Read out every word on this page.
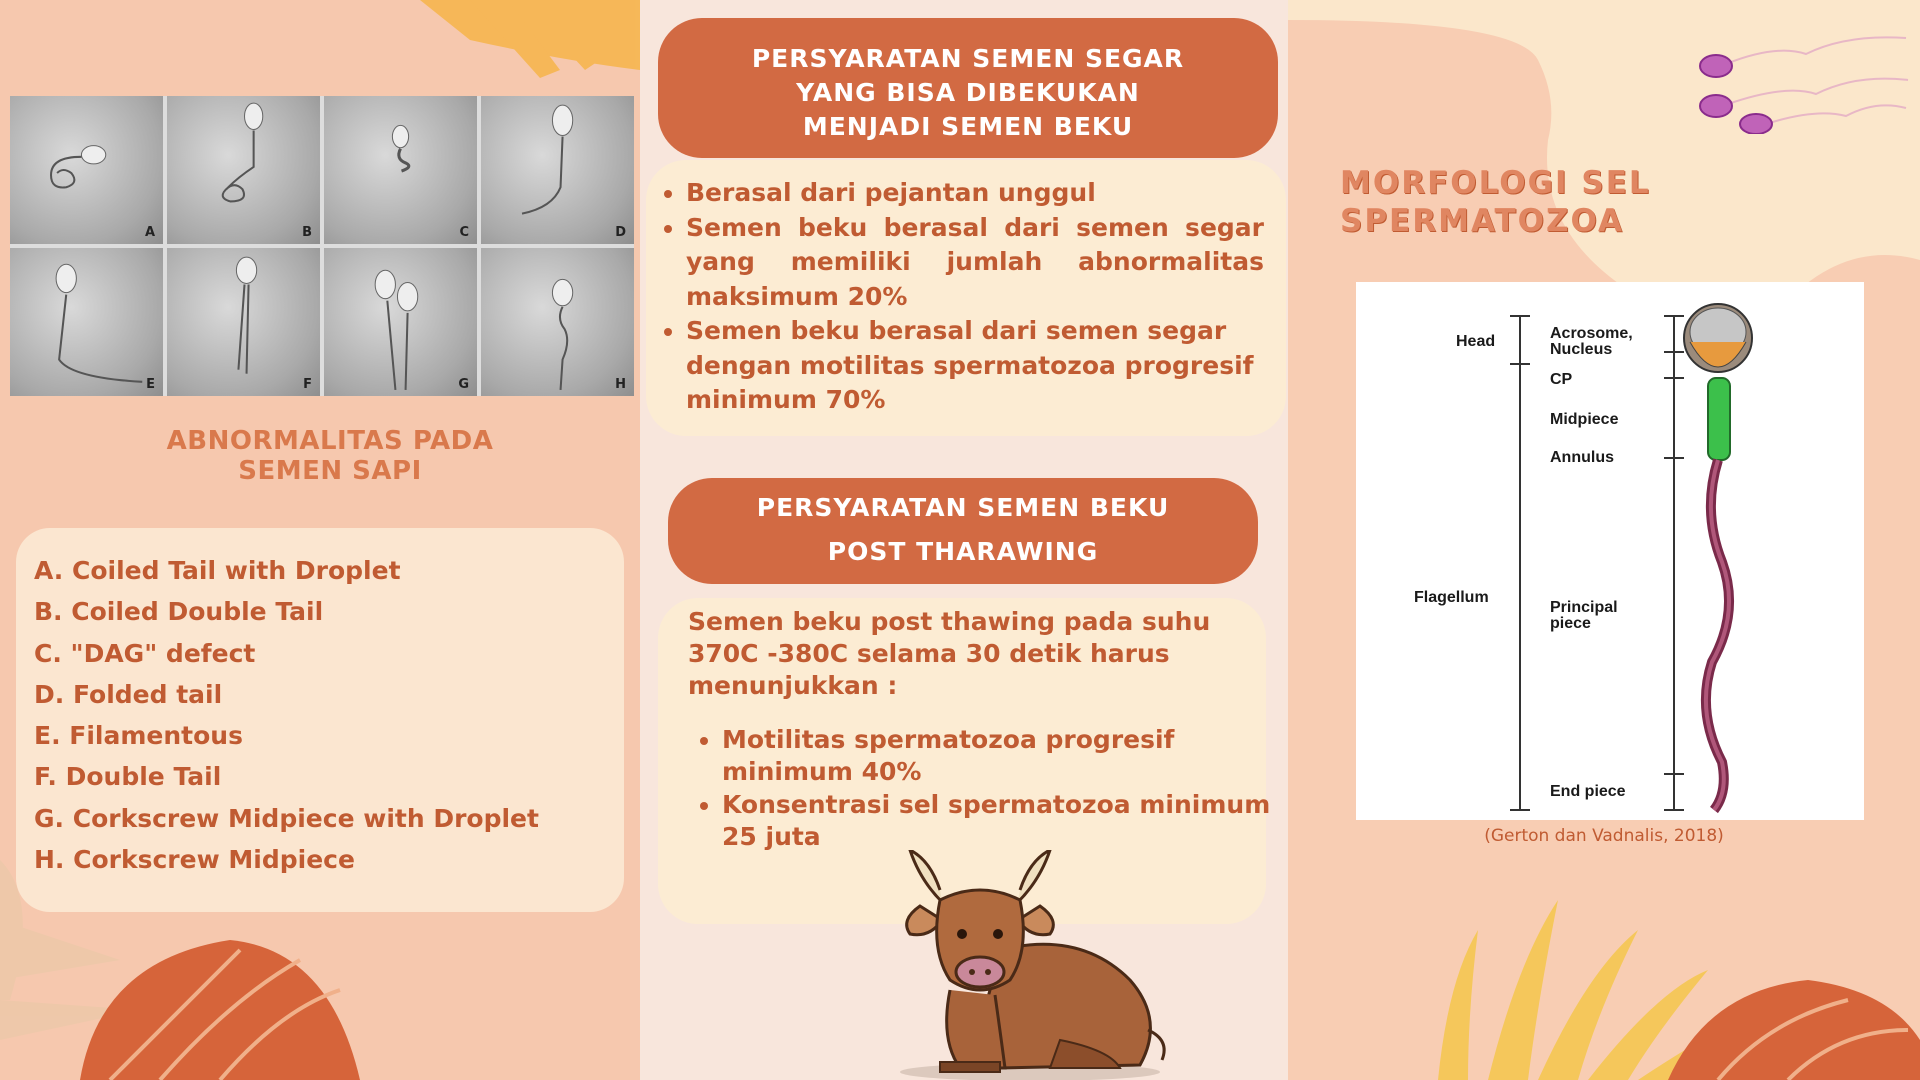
A	B	C	D
E	F	G	H
ABNORMALITAS PADA
SEMEN SAPI
A. Coiled Tail with Droplet
B. Coiled Double Tail
C. "DAG" defect
D. Folded tail
E. Filamentous
F. Double Tail
G. Corkscrew Midpiece with Droplet
H. Corkscrew Midpiece
PERSYARATAN SEMEN SEGAR
YANG BISA DIBEKUKAN
MENJADI SEMEN BEKU
• Berasal dari pejantan unggul
• Semen beku berasal dari semen segar yang memiliki jumlah abnormalitas maksimum 20%
• Semen beku berasal dari semen segar dengan motilitas spermatozoa progresif minimum 70%
PERSYARATAN SEMEN BEKU
POST THARAWING

Semen beku post thawing pada suhu 370C -380C selama 30 detik harus menunjukkan :

• Motilitas spermatozoa progresif minimum 40%
• Konsentrasi sel spermatozoa minimum 25 juta
MORFOLOGI SEL
SPERMATOZOA
Head	Acrosome,
Nucleus
CP
Midpiece
Annulus
Flagellum
Principal
piece
End piece
(Gerton dan Vadnalis, 2018)
